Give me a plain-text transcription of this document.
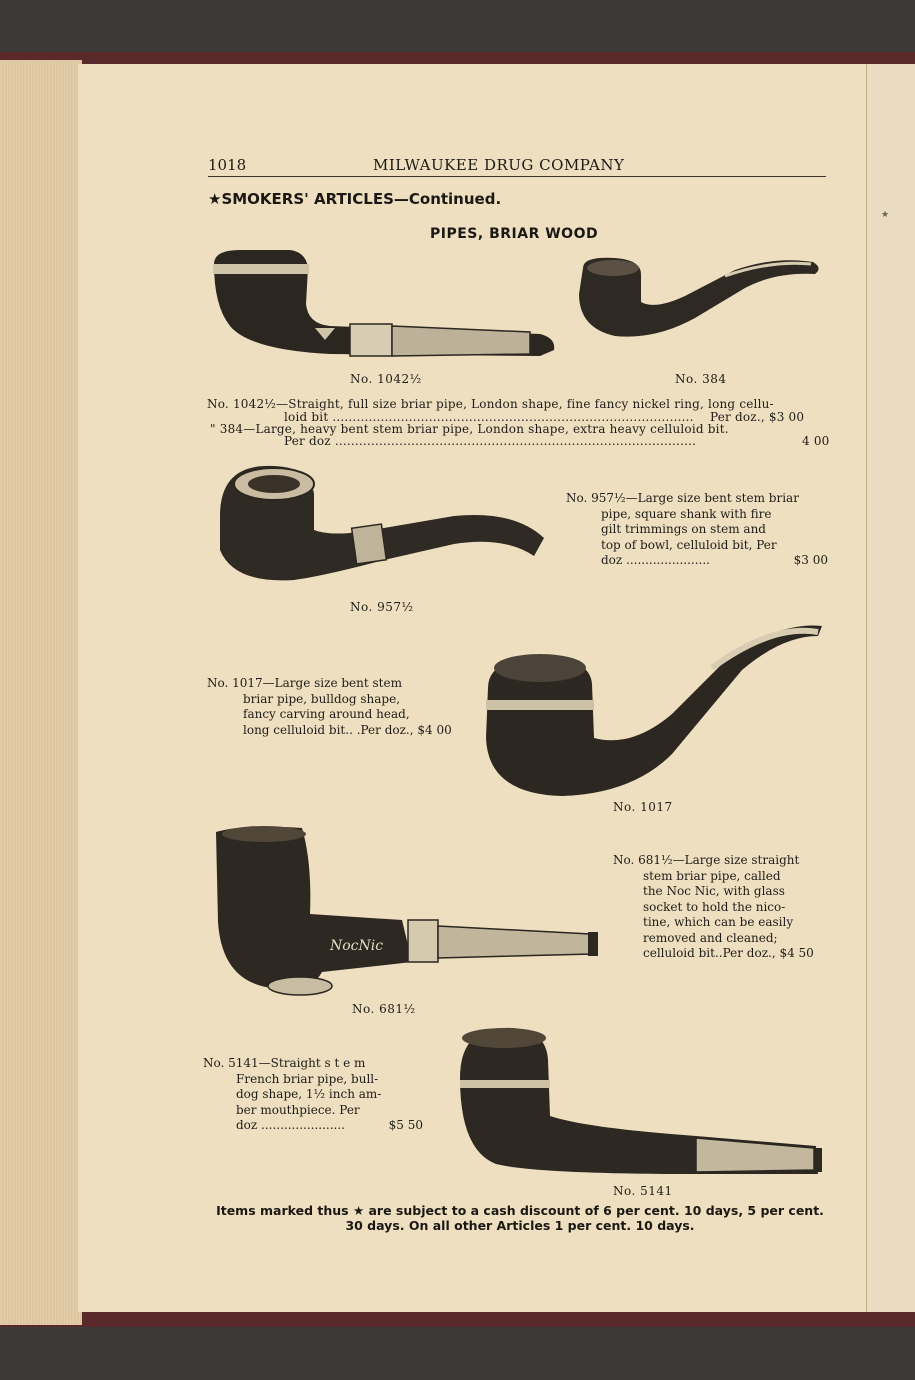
★
1018	MILWAUKEE DRUG COMPANY
★SMOKERS' ARTICLES—Continued.
PIPES, BRIAR WOOD
No. 1042½	No. 384
No. 1042½—Straight, full size briar pipe, London shape, fine fancy nickel ring, long cellu-
loid bit .......................................................................................... Per doz., $3 00
" 384—Large, heavy bent stem briar pipe, London shape, extra heavy celluloid bit.
Per doz ..........................................................................................	4 00
No. 957½
No. 957½—Large size bent stem briar
pipe, square shank with fire
gilt trimmings on stem and
top of bowl, celluloid bit, Per
doz ......................	$3 00
No. 1017
No. 1017—Large size bent stem
briar pipe, bulldog shape,
fancy carving around head,
long celluloid bit.. .Per doz., $4 00
NocNic
No. 681½
No. 681½—Large size straight
stem briar pipe, called
the Noc Nic, with glass
socket to hold the nico-
tine, which can be easily
removed and cleaned;
celluloid bit..Per doz., $4 50
No. 5141
No. 5141—Straight s t e m
French briar pipe, bull-
dog shape, 1½ inch am-
ber mouthpiece. Per
doz ......................	$5 50
Items marked thus ★ are subject to a cash discount of 6 per cent. 10 days, 5 per cent.
30 days. On all other Articles 1 per cent. 10 days.
